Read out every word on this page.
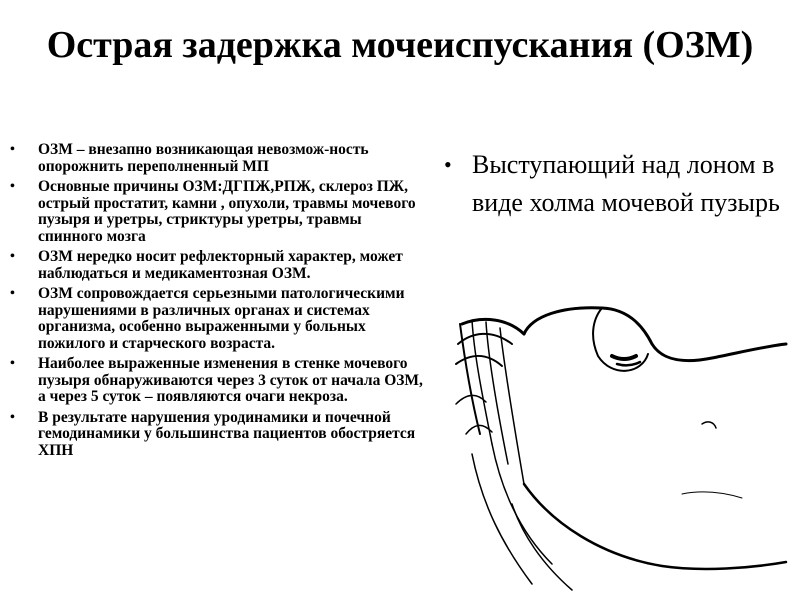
Острая задержка мочеиспускания (ОЗМ)
• ОЗМ – внезапно возникающая невозмож-ность опорожнить переполненный МП
• Основные причины ОЗМ:ДГПЖ,РПЖ, склероз ПЖ, острый простатит, камни , опухоли, травмы мочевого пузыря и уретры, стриктуры уретры, травмы спинного мозга
• ОЗМ нередко носит рефлекторный характер, может наблюдаться и медикаментозная ОЗМ.
• ОЗМ сопровождается серьезными патологическими нарушениями в различных органах и системах организма, особенно выраженными у больных пожилого и старческого возраста.
• Наиболее выраженные изменения в стенке мочевого пузыря обнаруживаются через 3 суток от начала ОЗМ, а через 5 суток – появляются очаги некроза.
• В результате нарушения уродинамики и почечной гемодинамики у большинства пациентов обостряется ХПН
• Выступающий над лоном в виде холма мочевой пузырь
